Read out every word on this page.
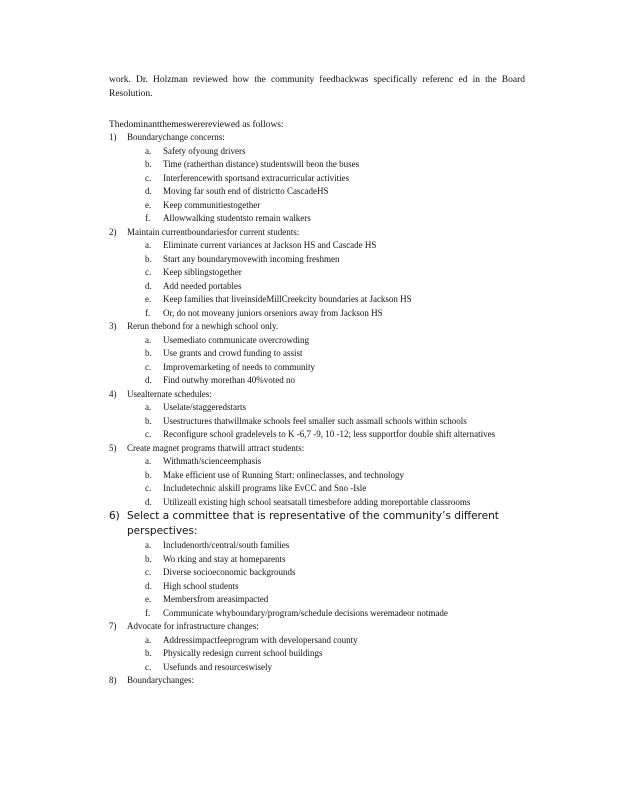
work. Dr. Holzman reviewed how the community feedbackwas specifically referenc ed in the Board Resolution.

Thedominantthemeswerereviewed as follows:
1)	Boundarychange concerns:
a.	Safety ofyoung drivers
b.	Time (ratherthan distance) studentswill beon the buses
c.	Interferencewith sportsand extracurricular activities
d.	Moving far south end of districtto CascadeHS
e.	Keep communitiestogether
f.	Allowwalking studentsto remain walkers
2)	Maintain currentboundariesfor current students:
a.	Eliminate current variances at Jackson HS and Cascade HS
b.	Start any boundarymovewith incoming freshmen
c.	Keep siblingstogether
d.	Add needed portables
e.	Keep families that liveinsideMillCreekcity boundaries at Jackson HS
f.	Or, do not moveany juniors orseniors away from Jackson HS
3)	Rerun thebond for a newhigh school only.
a.	Usemediato communicate overcrowding
b.	Use grants and crowd funding to assist
c.	Improvemarketing of needs to community
d.	Find outwhy morethan 40%voted no
4)	Usealternate schedules:
a.	Uselate/staggeredstarts
b.	Usestructures thatwillmake schools feel smaller such assmall schools within schools
c.	Reconfigure school gradelevels to K -6,7 -9, 10 -12; less supportfor double shift alternatives
5)	Create magnet programs thatwill attract students:
a.	Withmath/scienceemphasis
b.	Make efficient use of Running Start: onlineclasses, and technology
c.	Includetechnic alskill programs like EvCC and Sno -Isle
d.	Utilizeall existing high school seatsatall timesbefore adding moreportable classrooms
6) Select a committee that is representative of the community’s different perspectives:
a.	Includenorth/central/south families
b.	Wo rking and stay at homeparents
c.	Diverse socioeconomic backgrounds
d.	High school students
e.	Membersfrom areasimpacted
f.	Communicate whyboundary/program/schedule decisions weremadeor notmade
7)	Advocate for infrastructure changes:
a.	Addressimpactfeeprogram with developersand county
b.	Physically redesign current school buildings
c.	Usefunds and resourceswisely
8)	Boundarychanges:
